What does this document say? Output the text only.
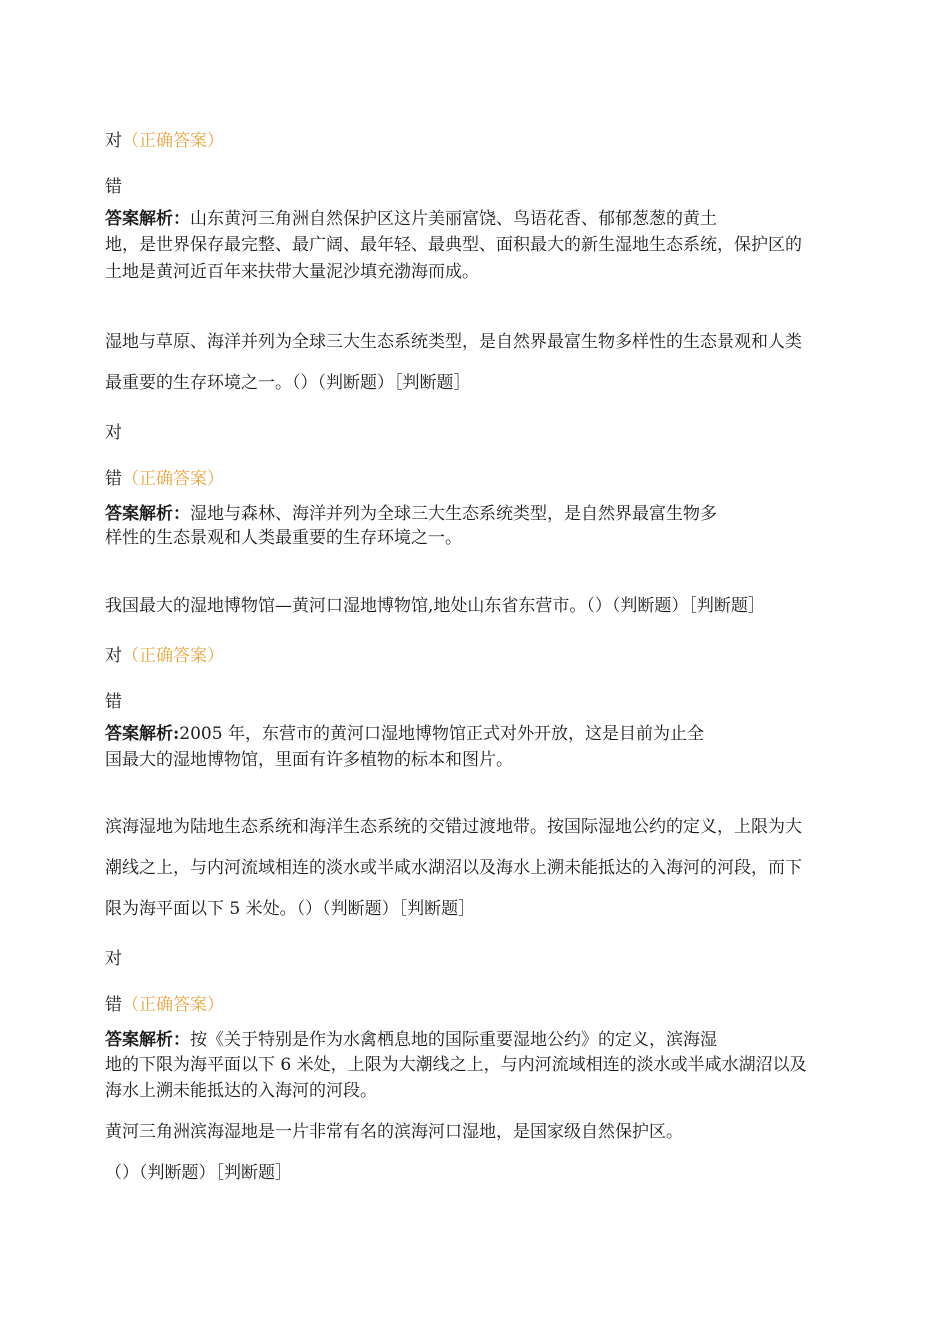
对（正确答案）
错
答案解析：山东黄河三角洲自然保护区这片美丽富饶、鸟语花香、郁郁葱葱的黄土
地，是世界保存最完整、最广阔、最年轻、最典型、面积最大的新生湿地生态系统，保护区的
土地是黄河近百年来扶带大量泥沙填充渤海而成。
湿地与草原、海洋并列为全球三大生态系统类型，是自然界最富生物多样性的生态景观和人类
最重要的生存环境之一。（）（判断题）［判断题］
对
错（正确答案）
答案解析：湿地与森林、海洋并列为全球三大生态系统类型，是自然界最富生物多
样性的生态景观和人类最重要的生存环境之一。
我国最大的湿地博物馆—黄河口湿地博物馆,地处山东省东营市。（）（判断题）［判断题］
对（正确答案）
错
答案解析:2005 年，东营市的黄河口湿地博物馆正式对外开放，这是目前为止全
国最大的湿地博物馆，里面有许多植物的标本和图片。
滨海湿地为陆地生态系统和海洋生态系统的交错过渡地带。按国际湿地公约的定义，上限为大
潮线之上，与内河流域相连的淡水或半咸水湖沼以及海水上溯未能抵达的入海河的河段，而下
限为海平面以下 5 米处。（）（判断题）［判断题］
对
错（正确答案）
答案解析：按《关于特别是作为水禽栖息地的国际重要湿地公约》的定义，滨海湿
地的下限为海平面以下 6 米处，上限为大潮线之上，与内河流域相连的淡水或半咸水湖沼以及
海水上溯未能抵达的入海河的河段。
黄河三角洲滨海湿地是一片非常有名的滨海河口湿地，是国家级自然保护区。
（）（判断题）［判断题］
